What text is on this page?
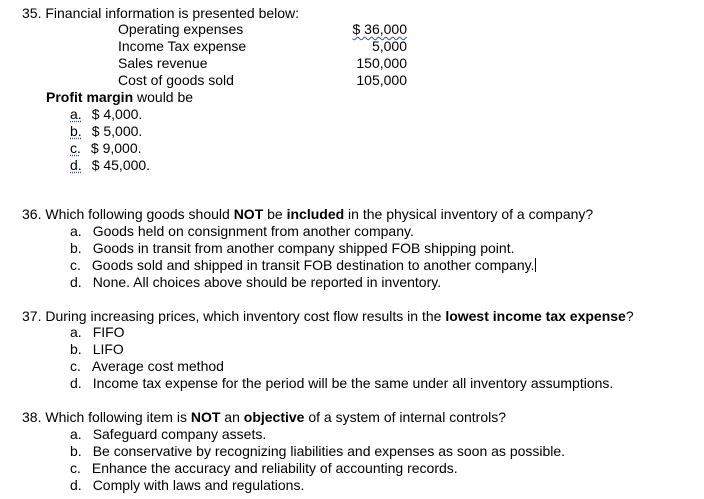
35. Financial information is presented below:
Operating expenses	$ 36,000
Income Tax expense	5,000
Sales revenue	150,000
Cost of goods sold	105,000
Profit margin would be
a. $ 4,000.
b. $ 5,000.
c. $ 9,000.
d. $ 45,000.
36. Which following goods should NOT be included in the physical inventory of a company?
a. Goods held on consignment from another company.
b. Goods in transit from another company shipped FOB shipping point.
c. Goods sold and shipped in transit FOB destination to another company.
d. None. All choices above should be reported in inventory.
37. During increasing prices, which inventory cost flow results in the lowest income tax expense?
a. FIFO
b. LIFO
c. Average cost method
d. Income tax expense for the period will be the same under all inventory assumptions.
38. Which following item is NOT an objective of a system of internal controls?
a. Safeguard company assets.
b. Be conservative by recognizing liabilities and expenses as soon as possible.
c. Enhance the accuracy and reliability of accounting records.
d. Comply with laws and regulations.
